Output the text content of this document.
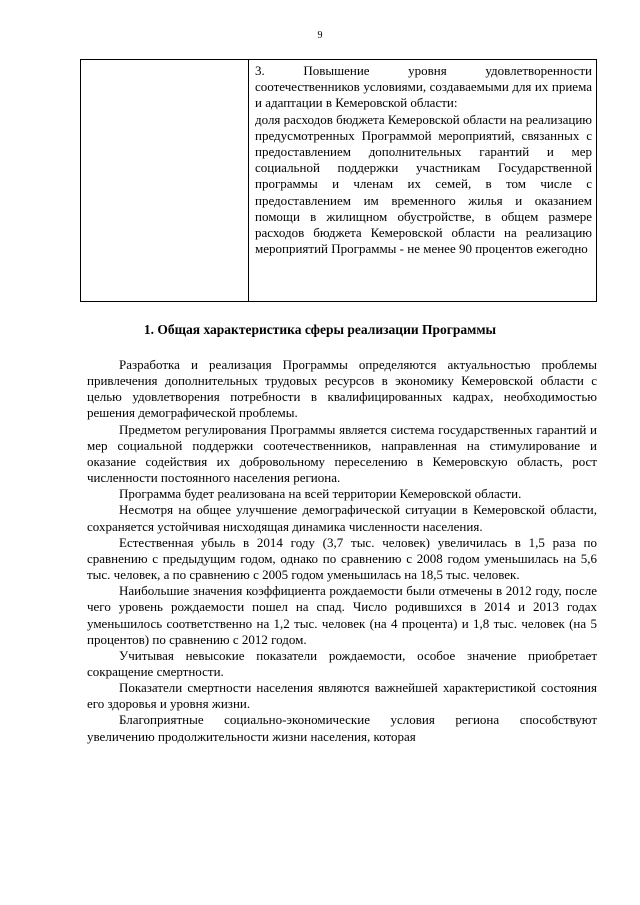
9

3. Повышение уровня удовлетворенности соотечественников условиями, создаваемыми для их приема и адаптации в Кемеровской области:

доля расходов бюджета Кемеровской области на реализацию предусмотренных Программой мероприятий, связанных с предоставлением дополнительных гарантий и мер социальной поддержки участникам Государственной программы и членам их семей, в том числе с предоставлением им временного жилья и оказанием помощи в жилищном обустройстве, в общем размере расходов бюджета Кемеровской области на реализацию мероприятий Программы - не менее 90 процентов ежегодно

1. Общая характеристика сферы реализации Программы

Разработка и реализация Программы определяются актуальностью проблемы привлечения дополнительных трудовых ресурсов в экономику Кемеровской области с целью удовлетворения потребности в квалифицированных кадрах, необходимостью решения демографической проблемы.

Предметом регулирования Программы является система государственных гарантий и мер социальной поддержки соотечественников, направленная на стимулирование и оказание содействия их добровольному переселению в Кемеровскую область, рост численности постоянного населения региона.

Программа будет реализована на всей территории Кемеровской области.

Несмотря на общее улучшение демографической ситуации в Кемеровской области, сохраняется устойчивая нисходящая динамика численности населения.

Естественная убыль в 2014 году (3,7 тыс. человек) увеличилась в 1,5 раза по сравнению с предыдущим годом, однако по сравнению с 2008 годом уменьшилась на 5,6 тыс. человек, а по сравнению с 2005 годом уменьшилась на 18,5 тыс. человек.

Наибольшие значения коэффициента рождаемости были отмечены в 2012 году, после чего уровень рождаемости пошел на спад. Число родившихся в 2014 и 2013 годах уменьшилось соответственно на 1,2 тыс. человек (на 4 процента) и 1,8 тыс. человек (на 5 процентов) по сравнению с 2012 годом.

Учитывая невысокие показатели рождаемости, особое значение приобретает сокращение смертности.

Показатели смертности населения являются важнейшей характеристикой состояния его здоровья и уровня жизни.

Благоприятные социально-экономические условия региона способствуют увеличению продолжительности жизни населения, которая
